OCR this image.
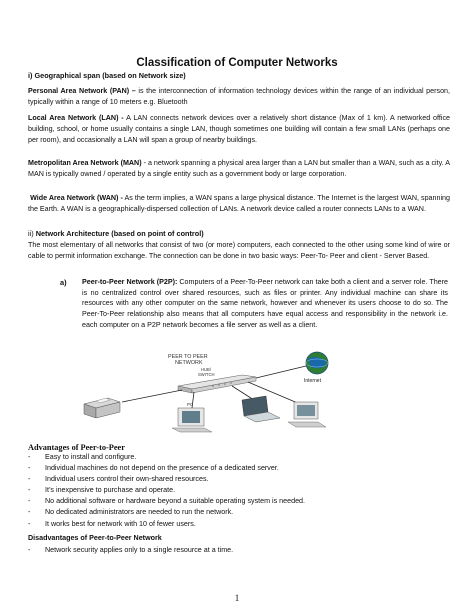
Classification of Computer Networks
i) Geographical span (based on Network size)
Personal Area Network (PAN) – is the interconnection of information technology devices within the range of an individual person, typically within a range of 10 meters e.g. Bluetooth
Local Area Network (LAN) - A LAN connects network devices over a relatively short distance (Max of 1 km). A networked office building, school, or home usually contains a single LAN, though sometimes one building will contain a few small LANs (perhaps one per room), and occasionally a LAN will span a group of nearby buildings.
Metropolitan Area Network (MAN) - a network spanning a physical area larger than a LAN but smaller than a WAN, such as a city. A MAN is typically owned / operated by a single entity such as a government body or large corporation.
Wide Area Network (WAN) - As the term implies, a WAN spans a large physical distance. The Internet is the largest WAN, spanning the Earth. A WAN is a geographically-dispersed collection of LANs. A network device called a router connects LANs to a WAN.
ii) Network Architecture (based on point of control)
The most elementary of all networks that consist of two (or more) computers, each connected to the other using some kind of wire or cable to permit information exchange. The connection can be done in two basic ways: Peer-To- Peer and client - Server Based.
a) Peer-to-Peer Network (P2P): Computers of a Peer-To-Peer network can take both a client and a server role. There is no centralized control over shared resources, such as files or printer. Any individual machine can share its resources with any other computer on the same network, however and whenever its users choose to do so. The Peer-To-Peer relationship also means that all computers have equal access and responsibility in the network i.e. each computer on a P2P network becomes a file server as well as a client.
PEER TO PEER
NETWORK
HUB/
SWITCH
Internet
PC
Advantages of Peer-to-Peer
- Easy to install and configure.
- Individual machines do not depend on the presence of a dedicated server.
- Individual users control their own-shared resources.
- It’s inexpensive to purchase and operate.
- No additional software or hardware beyond a suitable operating system is needed.
- No dedicated administrators are needed to run the network.
- It works best for network with 10 of fewer users.
Disadvantages of Peer-to-Peer Network
- Network security applies only to a single resource at a time.
1
